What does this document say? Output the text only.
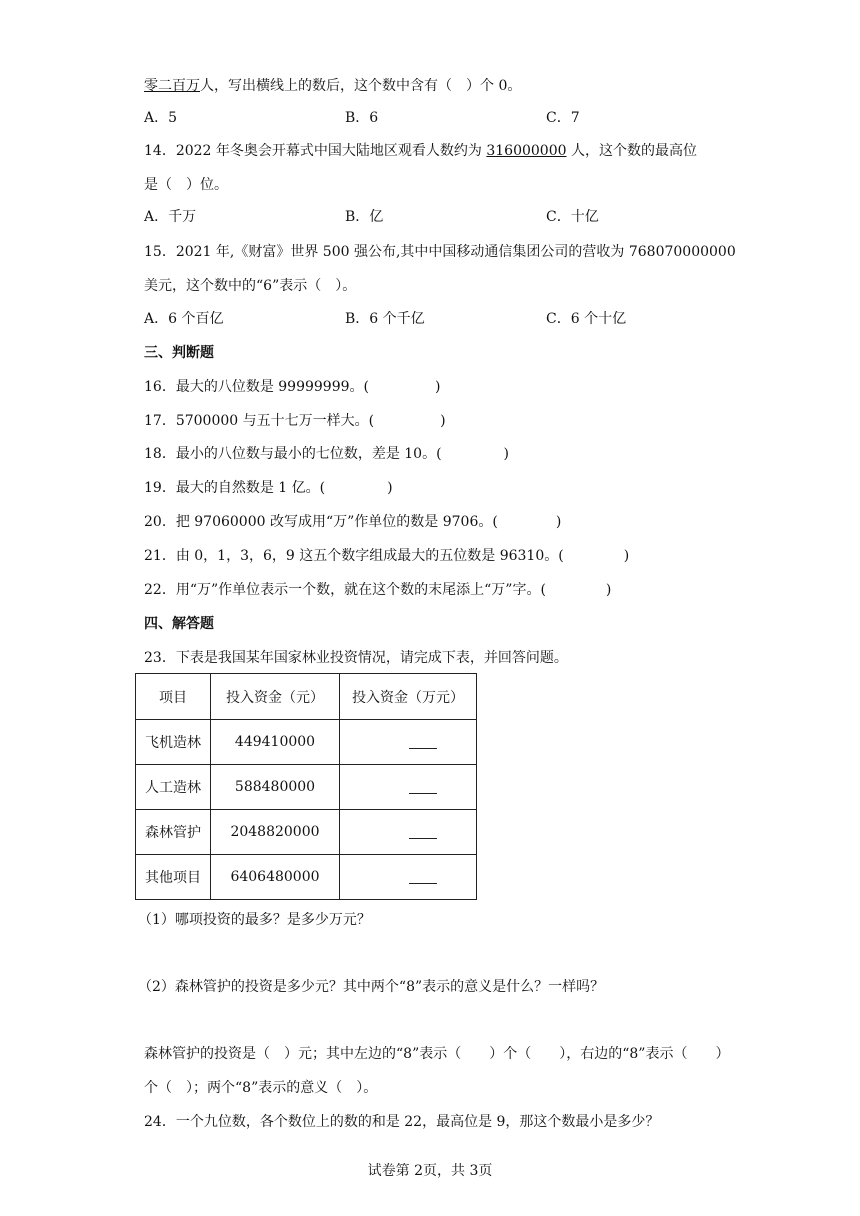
零二百万人，写出横线上的数后，这个数中含有（　）个 0。
A．5	B．6	C．7
14．2022 年冬奥会开幕式中国大陆地区观看人数约为 316000000 人，这个数的最高位
是（　）位。
A．千万	B．亿	C．十亿
15．2021 年,《财富》世界 500 强公布,其中中国移动通信集团公司的营收为 768070000000
美元，这个数中的“6”表示（　）。
A．6 个百亿	B．6 个千亿	C．6 个十亿
三、判断题
16．最大的八位数是 99999999。(	)
17．5700000 与五十七万一样大。(	)
18．最小的八位数与最小的七位数，差是 10。(	)
19．最大的自然数是 1 亿。(	)
20．把 97060000 改写成用“万”作单位的数是 9706。(	)
21．由 0，1，3，6，9 这五个数字组成最大的五位数是 96310。(	)
22．用“万”作单位表示一个数，就在这个数的末尾添上“万”字。(	)
四、解答题
23．下表是我国某年国家林业投资情况，请完成下表，并回答问题。
项目	投入资金（元）	投入资金（万元）
飞机造林	449410000	
人工造林	588480000	
森林管护	2048820000	
其他项目	6406480000	
（1）哪项投资的最多？是多少万元？
（2）森林管护的投资是多少元？其中两个“8”表示的意义是什么？一样吗？
森林管护的投资是（　）元；其中左边的“8”表示（　　）个（　　），右边的“8”表示（　　）
个（　）；两个“8”表示的意义（　）。
24．一个九位数，各个数位上的数的和是 22，最高位是 9，那这个数最小是多少？
试卷第 2页，共 3页
